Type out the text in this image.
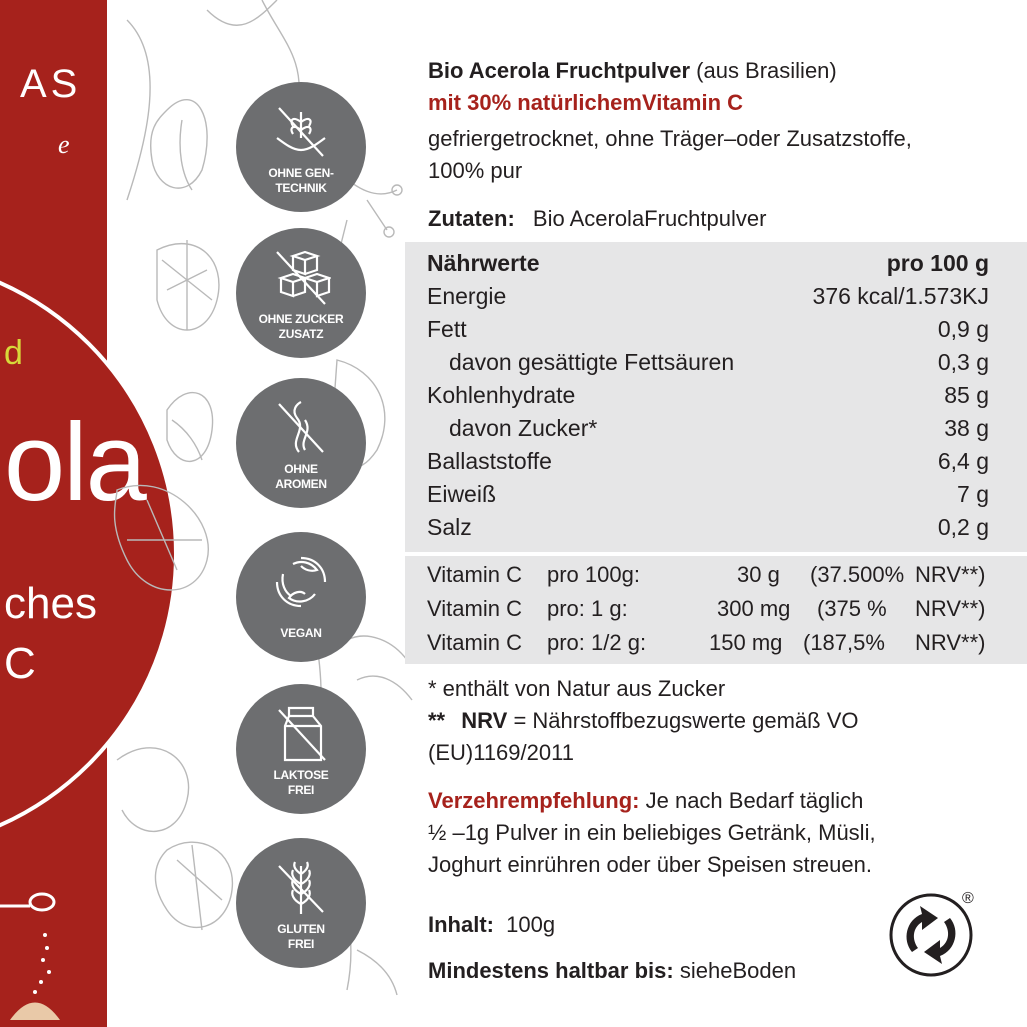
AS
e
d
ola
ches
C
OHNE GEN-
TECHNIK
OHNE ZUCKER
ZUSATZ
OHNE
AROMEN
VEGAN
LAKTOSE
FREI
GLUTEN
FREI
Bio Acerola Fruchtpulver (aus Brasilien)
mit 30% natürlichemVitamin C
gefriergetrocknet, ohne Träger–oder Zusatzstoffe,
100% pur
Zutaten: Bio AcerolaFruchtpulver
Nährwerte	pro 100 g
Energie	376 kcal/1.573KJ
Fett	0,9 g
davon gesättigte Fettsäuren	0,3 g
Kohlenhydrate	85 g
davon Zucker*	38 g
Ballaststoffe	6,4 g
Eiweiß	7 g
Salz	0,2 g
Vitamin C pro 100g:	30 g (37.500% NRV**)
Vitamin C pro: 1 g:	300 mg (375 % NRV**)
Vitamin C pro: 1/2 g:	150 mg (187,5% NRV**)
* enthält von Natur aus Zucker
** NRV = Nährstoffbezugswerte gemäß VO
(EU)1169/2011
Verzehrempfehlung: Je nach Bedarf täglich
½ –1g Pulver in ein beliebiges Getränk, Müsli,
Joghurt einrühren oder über Speisen streuen.
Inhalt: 100g
Mindestens haltbar bis: sieheBoden
®
